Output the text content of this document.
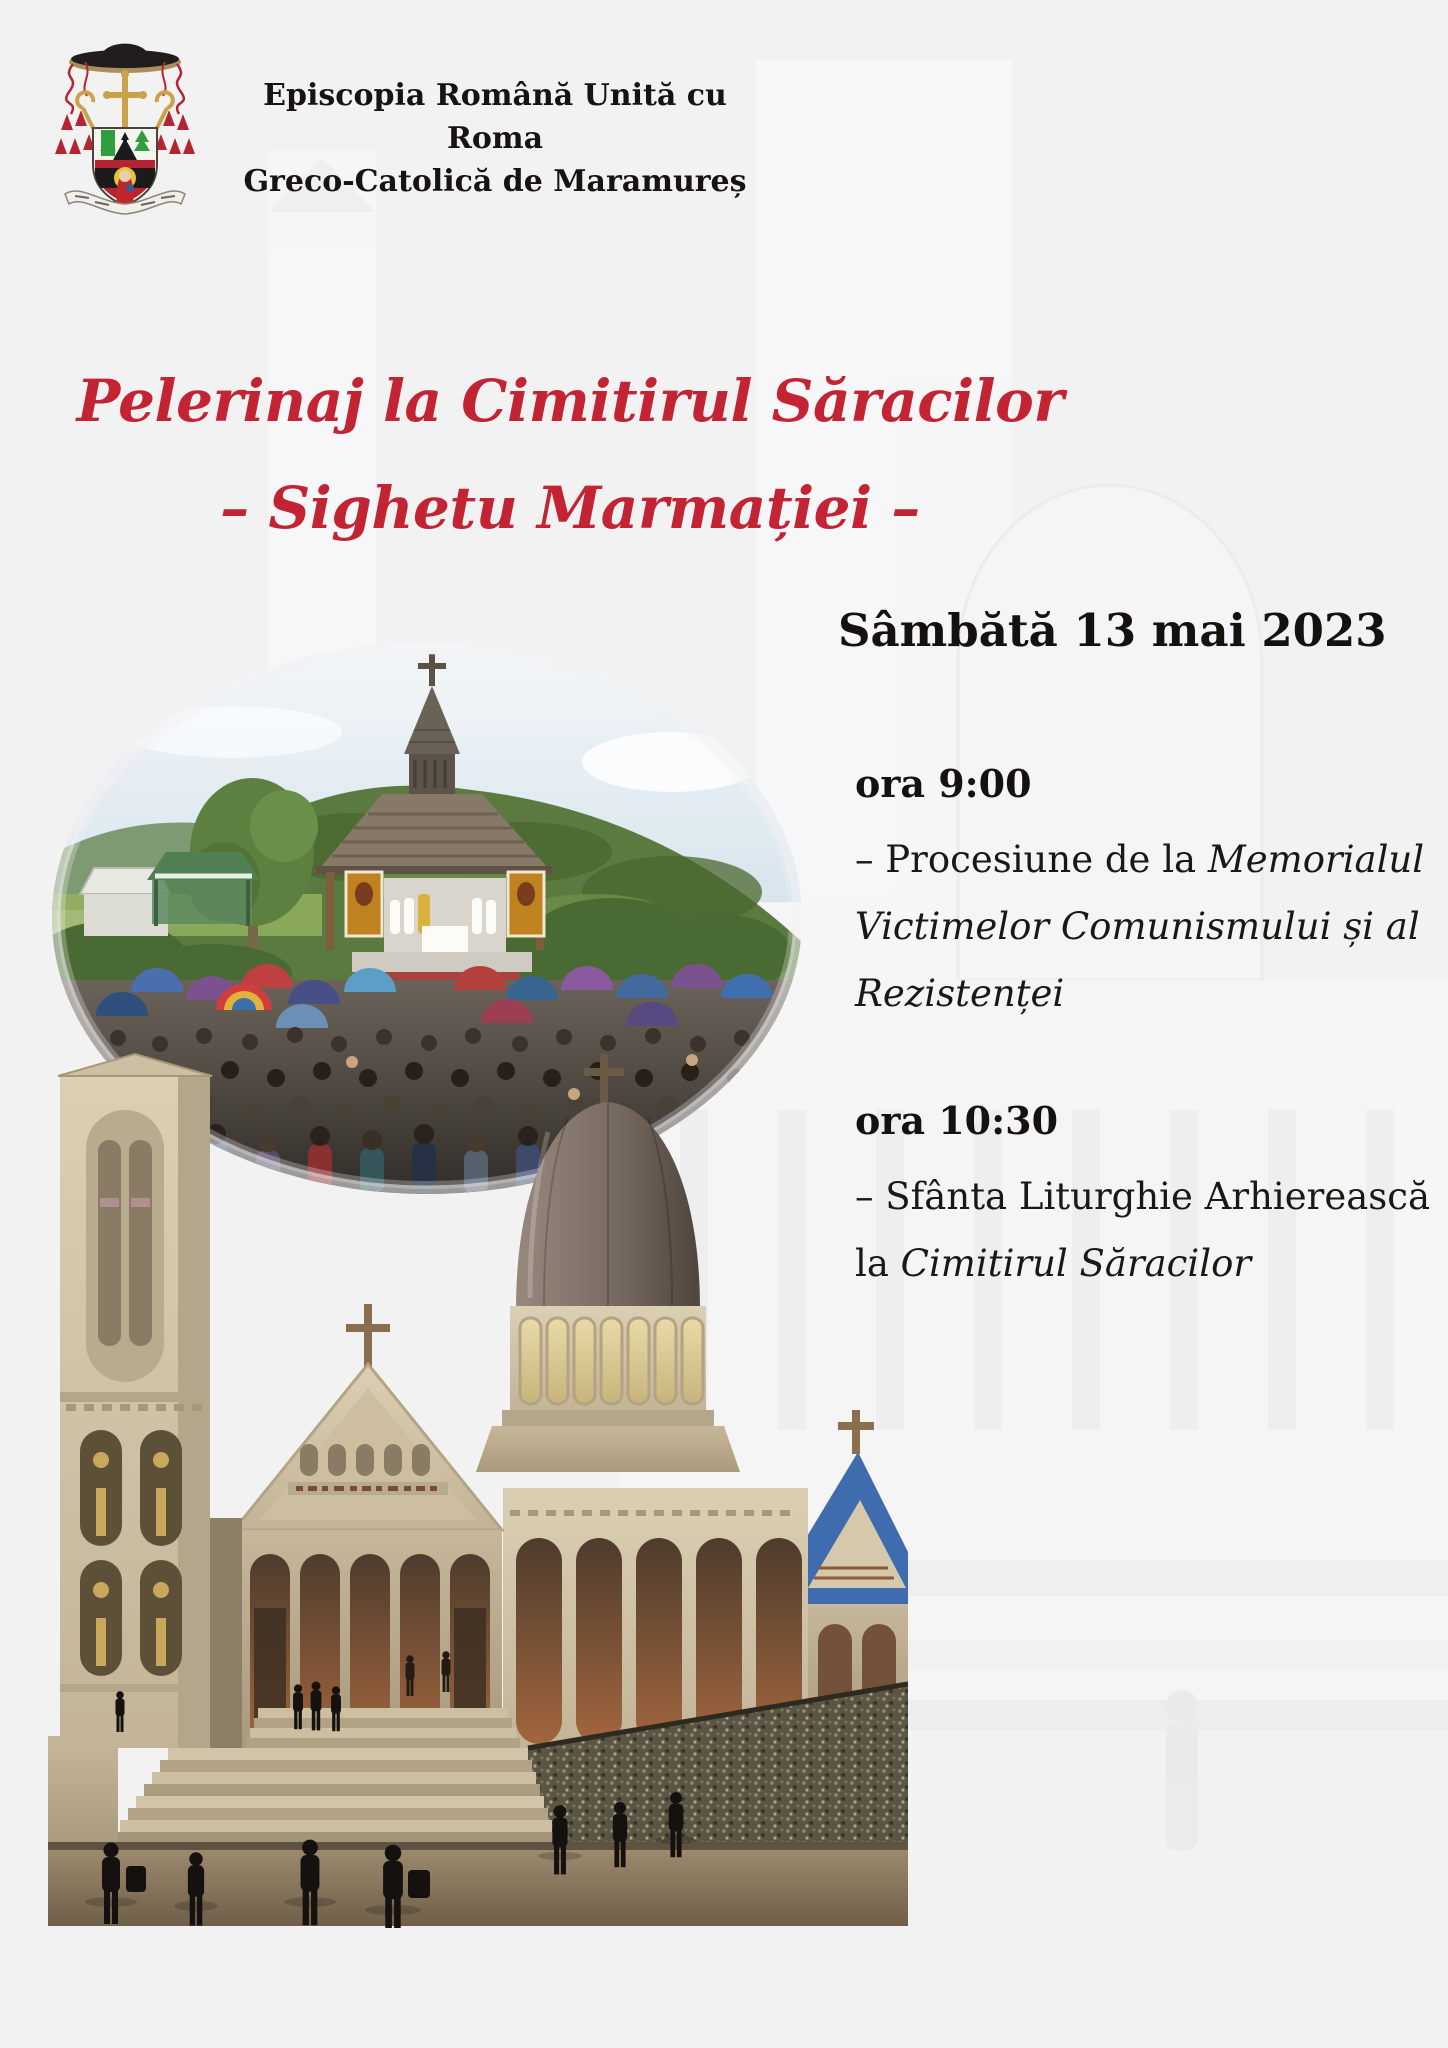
Episcopia Română Unită cu Roma
Greco-Catolică de Maramureș
Pelerinaj la Cimitirul Săracilor
– Sighetu Marmației –
Sâmbătă 13 mai 2023
ora 9:00
– Procesiune de la Memorialul
Victimelor Comunismului și al
Rezistenței
ora 10:30
– Sfânta Liturghie Arhierească
la Cimitirul Săracilor
